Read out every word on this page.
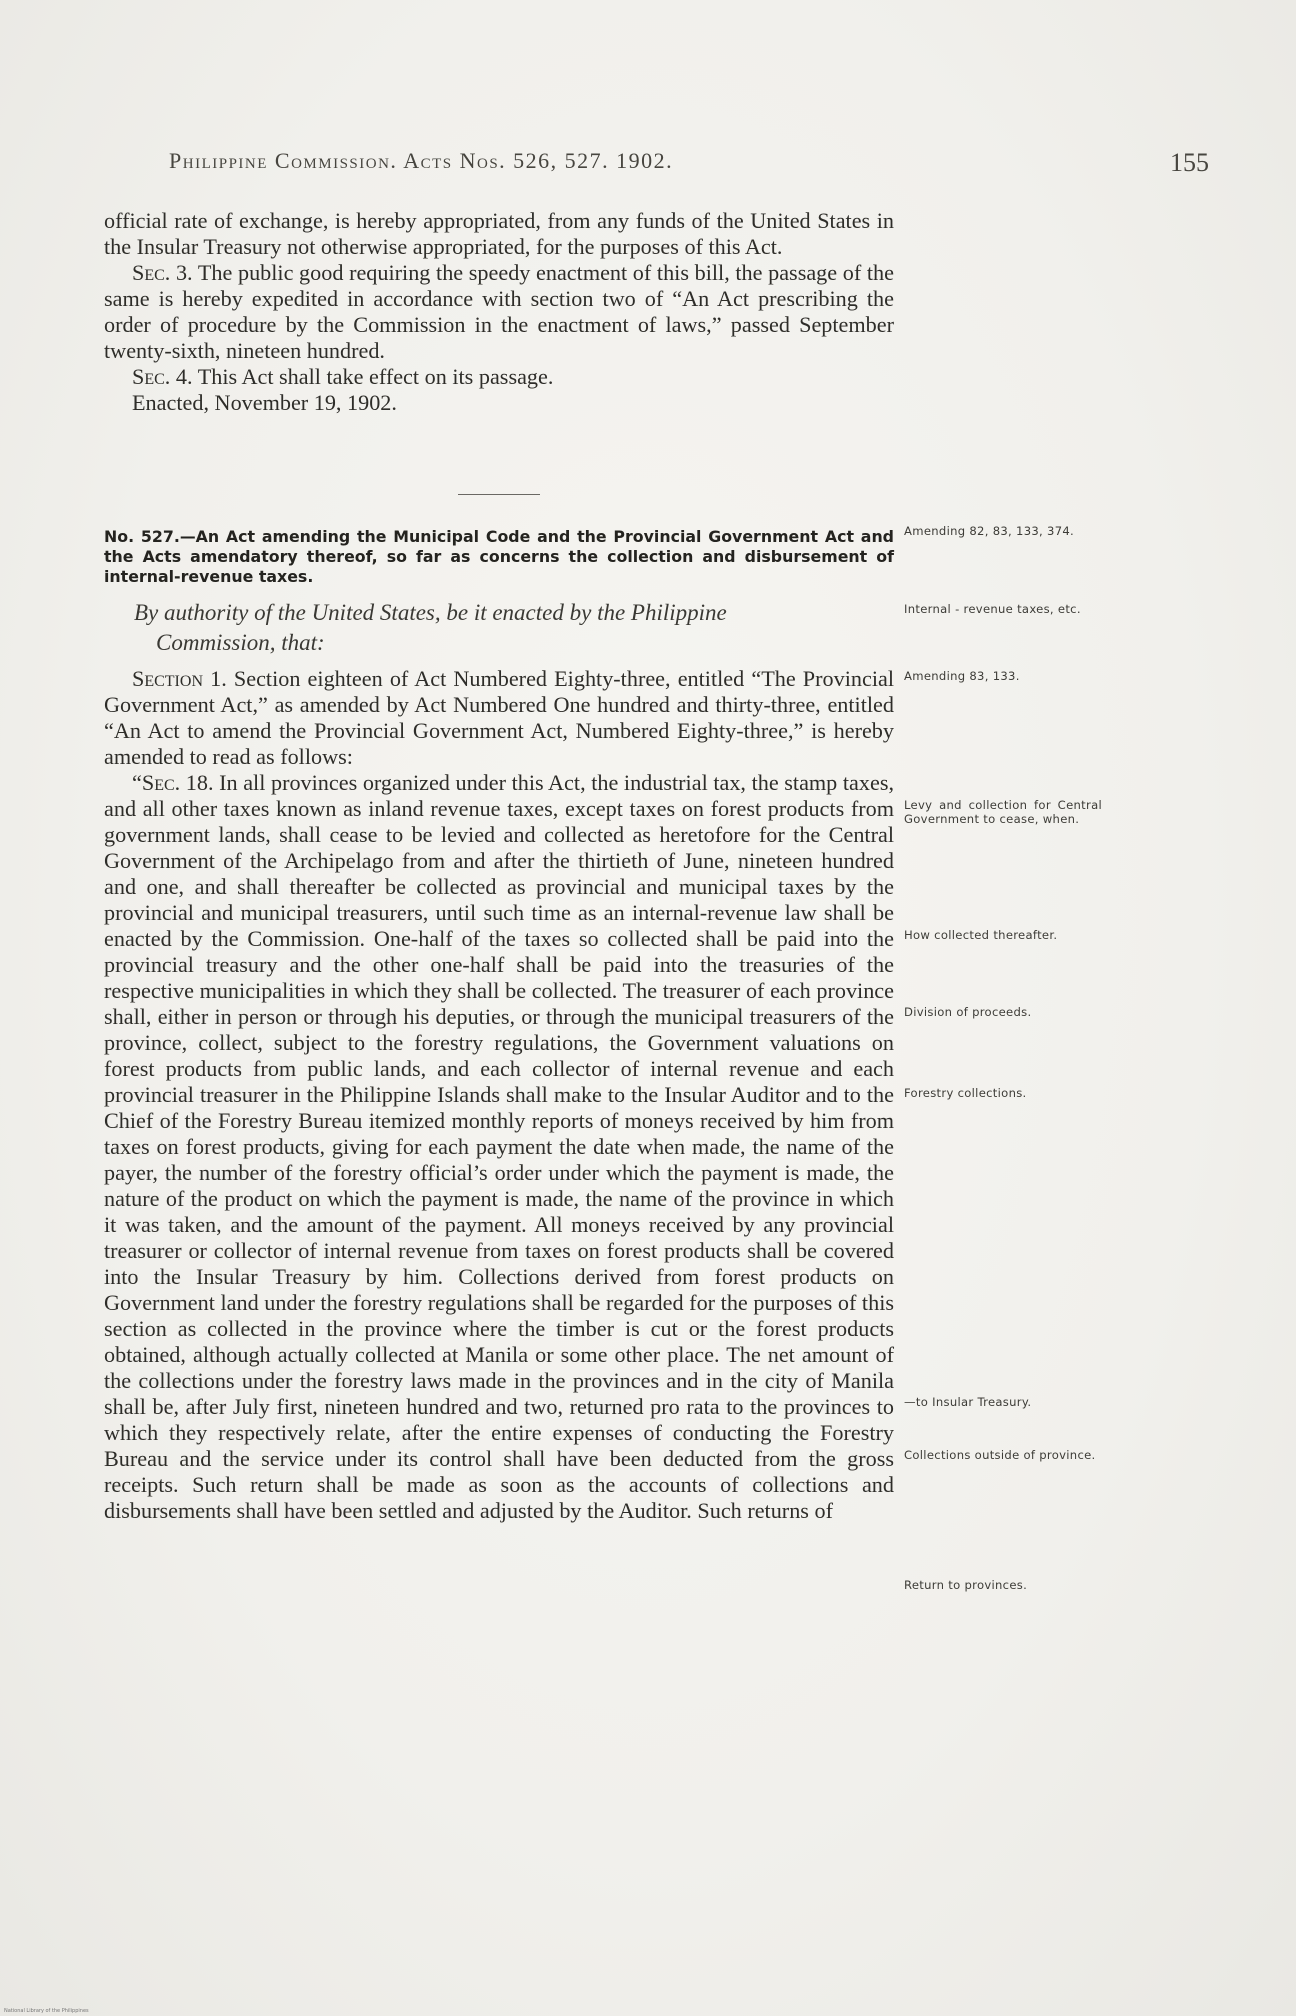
Philippine Commission. Acts Nos. 526, 527. 1902.	155

official rate of exchange, is hereby appropriated, from any funds of the United States in the Insular Treasury not otherwise appropriated, for the purposes of this Act.

Sec. 3. The public good requiring the speedy enactment of this bill, the passage of the same is hereby expedited in accordance with section two of “An Act prescribing the order of procedure by the Commission in the enactment of laws,” passed September twenty-sixth, nineteen hundred.

Sec. 4. This Act shall take effect on its passage.

Enacted, November 19, 1902.

No. 527.—An Act amending the Municipal Code and the Provincial Government Act and the Acts amendatory thereof, so far as concerns the collection and disbursement of internal-revenue taxes.
By authority of the United States, be it enacted by the Philippine
Commission, that:

Section 1. Section eighteen of Act Numbered Eighty-three, entitled “The Provincial Government Act,” as amended by Act Numbered One hundred and thirty-three, entitled “An Act to amend the Provincial Government Act, Numbered Eighty-three,” is hereby amended to read as follows:

“Sec. 18. In all provinces organized under this Act, the industrial tax, the stamp taxes, and all other taxes known as inland revenue taxes, except taxes on forest products from government lands, shall cease to be levied and collected as heretofore for the Central Government of the Archipelago from and after the thirtieth of June, nineteen hundred and one, and shall thereafter be collected as provincial and municipal taxes by the provincial and municipal treasurers, until such time as an internal-revenue law shall be enacted by the Commission. One-half of the taxes so collected shall be paid into the provincial treasury and the other one-half shall be paid into the treasuries of the respective municipalities in which they shall be collected. The treasurer of each province shall, either in person or through his deputies, or through the municipal treasurers of the province, collect, subject to the forestry regulations, the Government valuations on forest products from public lands, and each collector of internal revenue and each provincial treasurer in the Philippine Islands shall make to the Insular Auditor and to the Chief of the Forestry Bureau itemized monthly reports of moneys received by him from taxes on forest products, giving for each payment the date when made, the name of the payer, the number of the forestry official’s order under which the payment is made, the nature of the product on which the payment is made, the name of the province in which it was taken, and the amount of the payment. All moneys received by any provincial treasurer or collector of internal revenue from taxes on forest products shall be covered into the Insular Treasury by him. Collections derived from forest products on Government land under the forestry regulations shall be regarded for the purposes of this section as collected in the province where the timber is cut or the forest products obtained, although actually collected at Manila or some other place. The net amount of the collections under the forestry laws made in the provinces and in the city of Manila shall be, after July first, nineteen hundred and two, returned pro rata to the provinces to which they respectively relate, after the entire expenses of conducting the Forestry Bureau and the service under its control shall have been deducted from the gross receipts. Such return shall be made as soon as the accounts of collections and disbursements shall have been settled and adjusted by the Auditor. Such returns of

Amending 82, 83, 133, 374.
Internal - revenue taxes, etc.
Amending 83, 133.
Levy and collection for Central Government to cease, when.
How collected thereafter.
Division of proceeds.
Forestry collections.
—to Insular Treasury.
Collections outside of province.
Return to provinces.
National Library of the Philippines
